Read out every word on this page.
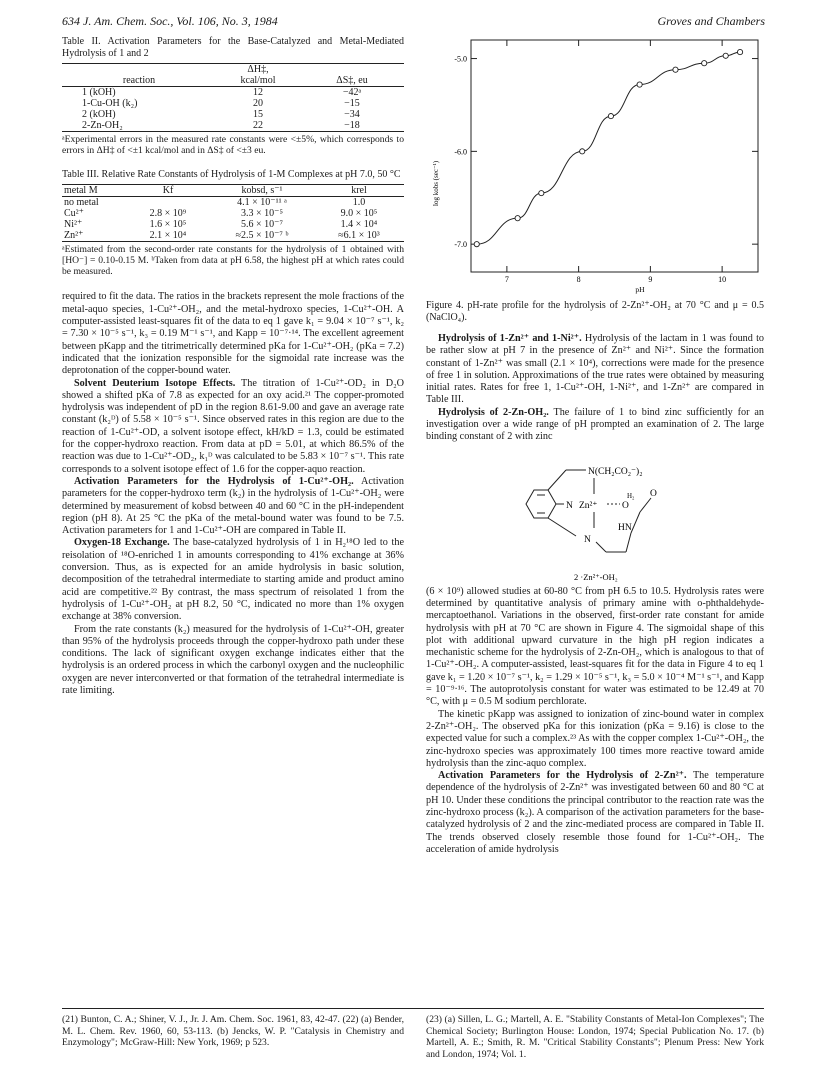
634 J. Am. Chem. Soc., Vol. 106, No. 3, 1984	Groves and Chambers

Table II. Activation Parameters for the Base-Catalyzed and Metal-Mediated Hydrolysis of 1 and 2

	ΔH‡,	
reaction	kcal/mol	ΔS‡, eu
1 (kOH)	12	−42ᵃ
1-Cu-OH (k₂)	20	−15
2 (kOH)	15	−34
2-Zn-OH₂	22	−18

ᵃExperimental errors in the measured rate constants were <±5%, which corresponds to errors in ΔH‡ of <±1 kcal/mol and in ΔS‡ of <±3 eu.

Table III. Relative Rate Constants of Hydrolysis of 1-M Complexes at pH 7.0, 50 °C

metal M	Kf	kobsd, s⁻¹	krel
no metal		4.1 × 10⁻¹¹ ᵃ	1.0
Cu²⁺	2.8 × 10⁹	3.3 × 10⁻⁵	9.0 × 10⁵
Ni²⁺	1.6 × 10⁵	5.6 × 10⁻⁷	1.4 × 10⁴
Zn²⁺	2.1 × 10⁴	≈2.5 × 10⁻⁷ ᵇ	≈6.1 × 10³

ᵃEstimated from the second-order rate constants for the hydrolysis of 1 obtained with [HO⁻] = 0.10-0.15 M. ᵇTaken from data at pH 6.58, the highest pH at which rates could be measured.

required to fit the data. The ratios in the brackets represent the mole fractions of the metal-aquo species, 1-Cu²⁺-OH₂, and the metal-hydroxo species, 1-Cu²⁺-OH. A computer-assisted least-squares fit of the data to eq 1 gave k₁ = 9.04 × 10⁻⁷ s⁻¹, k₂ = 7.30 × 10⁻⁵ s⁻¹, k₃ = 0.19 M⁻¹ s⁻¹, and Kapp = 10⁻⁷·¹⁴. The excellent agreement between pKapp and the titrimetrically determined pKa for 1-Cu²⁺-OH₂ (pKa = 7.2) indicated that the ionization responsible for the sigmoidal rate increase was the deprotonation of the copper-bound water.

Solvent Deuterium Isotope Effects. The titration of 1-Cu²⁺-OD₂ in D₂O showed a shifted pKa of 7.8 as expected for an oxy acid.²¹ The copper-promoted hydrolysis was independent of pD in the region 8.61-9.00 and gave an average rate constant (k₂ᴰ) of 5.58 × 10⁻⁵ s⁻¹. Since observed rates in this region are due to the reaction of 1-Cu²⁺-OD, a solvent isotope effect, kH/kD = 1.3, could be estimated for the copper-hydroxo reaction. From data at pD = 5.01, at which 86.5% of the reaction was due to 1-Cu²⁺-OD₂, k₁ᴰ was calculated to be 5.83 × 10⁻⁷ s⁻¹. This rate corresponds to a solvent isotope effect of 1.6 for the copper-aquo reaction.

Activation Parameters for the Hydrolysis of 1-Cu²⁺-OH₂. Activation parameters for the copper-hydroxo term (k₂) in the hydrolysis of 1-Cu²⁺-OH₂ were determined by measurement of kobsd between 40 and 60 °C in the pH-independent region (pH 8). At 25 °C the pKa of the metal-bound water was found to be 7.5. Activation parameters for 1 and 1-Cu²⁺-OH are compared in Table II.

Oxygen-18 Exchange. The base-catalyzed hydrolysis of 1 in H₂¹⁸O led to the reisolation of ¹⁸O-enriched 1 in amounts corresponding to 41% exchange at 36% conversion. Thus, as is expected for an amide hydrolysis in basic solution, decomposition of the tetrahedral intermediate to starting amide and product amino acid are competitive.²² By contrast, the mass spectrum of reisolated 1 from the hydrolysis of 1-Cu²⁺-OH₂ at pH 8.2, 50 °C, indicated no more than 1% oxygen exchange at 38% conversion.

From the rate constants (k₂) measured for the hydrolysis of 1-Cu²⁺-OH, greater than 95% of the hydrolysis proceeds through the copper-hydroxo path under these conditions. The lack of significant oxygen exchange indicates either that the hydrolysis is an ordered process in which the carbonyl oxygen and the nucleophilic oxygen are never interconverted or that formation of the tetrahedral intermediate is rate limiting.

7	8	9	10
-5.0
-6.0
-7.0
log kobs (sec⁻¹)
pH

Figure 4. pH-rate profile for the hydrolysis of 2-Zn²⁺-OH₂ at 70 °C and μ = 0.5 (NaClO₄).

Hydrolysis of 1-Zn²⁺ and 1-Ni²⁺. Hydrolysis of the lactam in 1 was found to be rather slow at pH 7 in the presence of Zn²⁺ and Ni²⁺. Since the formation constant of 1-Zn²⁺ was small (2.1 × 10⁴), corrections were made for the presence of free 1 in solution. Approximations of the true rates were obtained by measuring initial rates. Rates for free 1, 1-Cu²⁺-OH, 1-Ni²⁺, and 1-Zn²⁺ are compared in Table III.

Hydrolysis of 2-Zn-OH₂. The failure of 1 to bind zinc sufficiently for an investigation over a wide range of pH prompted an examination of 2. The large binding constant of 2 with zinc

N(CH₂CO₂⁻)₂
N Zn²⁺	O
H₂ O
HN
N
2 ·Zn²⁺-OH₂

(6 × 10⁹) allowed studies at 60-80 °C from pH 6.5 to 10.5. Hydrolysis rates were determined by quantitative analysis of primary amine with o-phthaldehyde-mercaptoethanol. Variations in the observed, first-order rate constant for amide hydrolysis with pH at 70 °C are shown in Figure 4. The sigmoidal shape of this plot with additional upward curvature in the high pH region indicates a mechanistic scheme for the hydrolysis of 2-Zn-OH₂, which is analogous to that of 1-Cu²⁺-OH₂. A computer-assisted, least-squares fit for the data in Figure 4 to eq 1 gave k₁ = 1.20 × 10⁻⁷ s⁻¹, k₂ = 1.29 × 10⁻⁵ s⁻¹, k₃ = 5.0 × 10⁻⁴ M⁻¹ s⁻¹, and Kapp = 10⁻⁹·¹⁶. The autoprotolysis constant for water was estimated to be 12.49 at 70 °C, with μ = 0.5 M sodium perchlorate.

The kinetic pKapp was assigned to ionization of zinc-bound water in complex 2-Zn²⁺-OH₂. The observed pKa for this ionization (pKa = 9.16) is close to the expected value for such a complex.²³ As with the copper complex 1-Cu²⁺-OH₂, the zinc-hydroxo species was approximately 100 times more reactive toward amide hydrolysis than the zinc-aquo complex.

Activation Parameters for the Hydrolysis of 2-Zn²⁺. The temperature dependence of the hydrolysis of 2-Zn²⁺ was investigated between 60 and 80 °C at pH 10. Under these conditions the principal contributor to the reaction rate was the zinc-hydroxo process (k₂). A comparison of the activation parameters for the base-catalyzed hydrolysis of 2 and the zinc-mediated process are compared in Table II. The trends observed closely resemble those found for 1-Cu²⁺-OH₂. The acceleration of amide hydrolysis

(21) Bunton, C. A.; Shiner, V. J., Jr. J. Am. Chem. Soc. 1961, 83, 42-47. (22) (a) Bender, M. L. Chem. Rev. 1960, 60, 53-113. (b) Jencks, W. P. "Catalysis in Chemistry and Enzymology"; McGraw-Hill: New York, 1969; p 523.
(23) (a) Sillen, L. G.; Martell, A. E. "Stability Constants of Metal-Ion Complexes"; The Chemical Society; Burlington House: London, 1974; Special Publication No. 17. (b) Martell, A. E.; Smith, R. M. "Critical Stability Constants"; Plenum Press: New York and London, 1974; Vol. 1.
